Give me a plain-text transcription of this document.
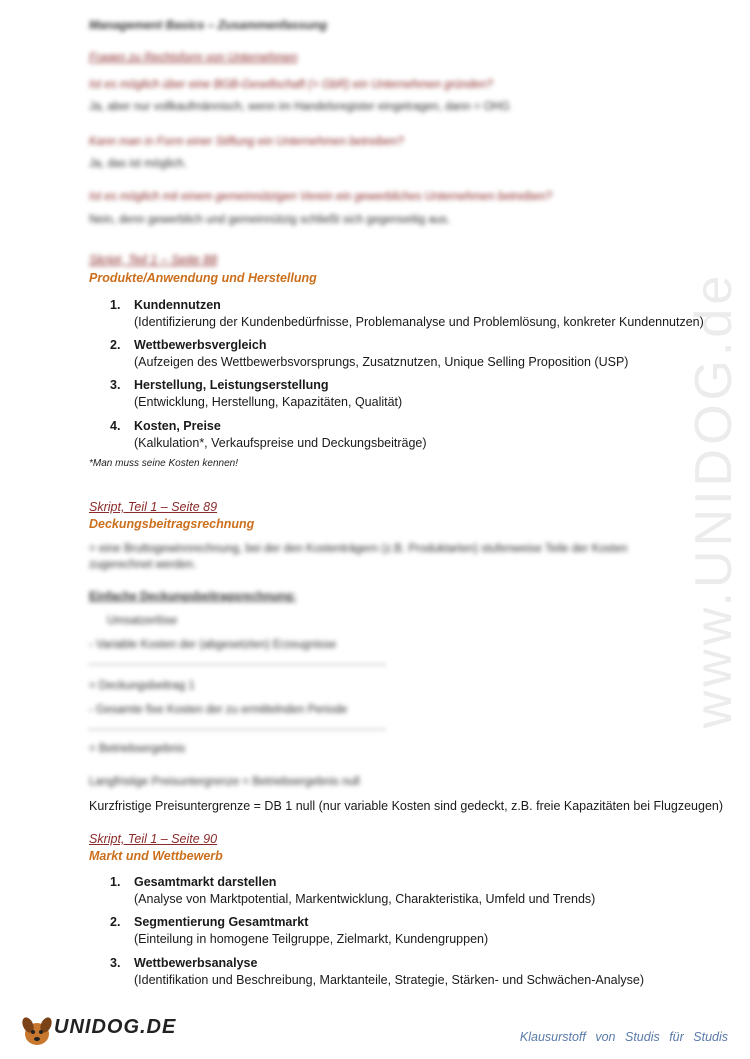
www.UNIDOG.de
Management Basics – Zusammenfassung
Fragen zu Rechtsform von Unternehmen
Ist es möglich über eine BGB-Gesellschaft (= GbR) ein Unternehmen gründen?
Ja, aber nur vollkaufmännisch, wenn im Handelsregister eingetragen, dann = OHG
Kann man in Form einer Stiftung ein Unternehmen betreiben?
Ja, das ist möglich.
Ist es möglich mit einem gemeinnützigen Verein ein gewerbliches Unternehmen betreiben?
Nein, denn gewerblich und gemeinnützig schließt sich gegenseitig aus.
Skript, Teil 1 – Seite 88
Produkte/Anwendung und Herstellung
1. Kundennutzen
(Identifizierung der Kundenbedürfnisse, Problemanalyse und Problemlösung, konkreter Kundennutzen)
2. Wettbewerbsvergleich
(Aufzeigen des Wettbewerbsvorsprungs, Zusatznutzen, Unique Selling Proposition (USP)
3. Herstellung, Leistungserstellung
(Entwicklung, Herstellung, Kapazitäten, Qualität)
4. Kosten, Preise
(Kalkulation*, Verkaufspreise und Deckungsbeiträge)
*Man muss seine Kosten kennen!
Skript, Teil 1 – Seite 89
Deckungsbeitragsrechnung
= eine Bruttogewinnrechnung, bei der den Kostenträgern (z.B. Produktarten) stufenweise Teile der Kosten
zugerechnet werden.
Einfache Deckungsbeitragsrechnung:
Umsatzerlöse
- Variable Kosten der (abgesetzten) Erzeugnisse
= Deckungsbeitrag 1
- Gesamte fixe Kosten der zu ermittelnden Periode
= Betriebsergebnis
Langfristige Preisuntergrenze = Betriebsergebnis null
Kurzfristige Preisuntergrenze = DB 1 null (nur variable Kosten sind gedeckt, z.B. freie Kapazitäten bei Flugzeugen)
Skript, Teil 1 – Seite 90
Markt und Wettbewerb
1. Gesamtmarkt darstellen
(Analyse von Marktpotential, Markentwicklung, Charakteristika, Umfeld und Trends)
2. Segmentierung Gesamtmarkt
(Einteilung in homogene Teilgruppe, Zielmarkt, Kundengruppen)
3. Wettbewerbsanalyse
(Identifikation und Beschreibung, Marktanteile, Strategie, Stärken- und Schwächen-Analyse)
UNIDOG.DE	Klausurstoff von Studis für Studis
